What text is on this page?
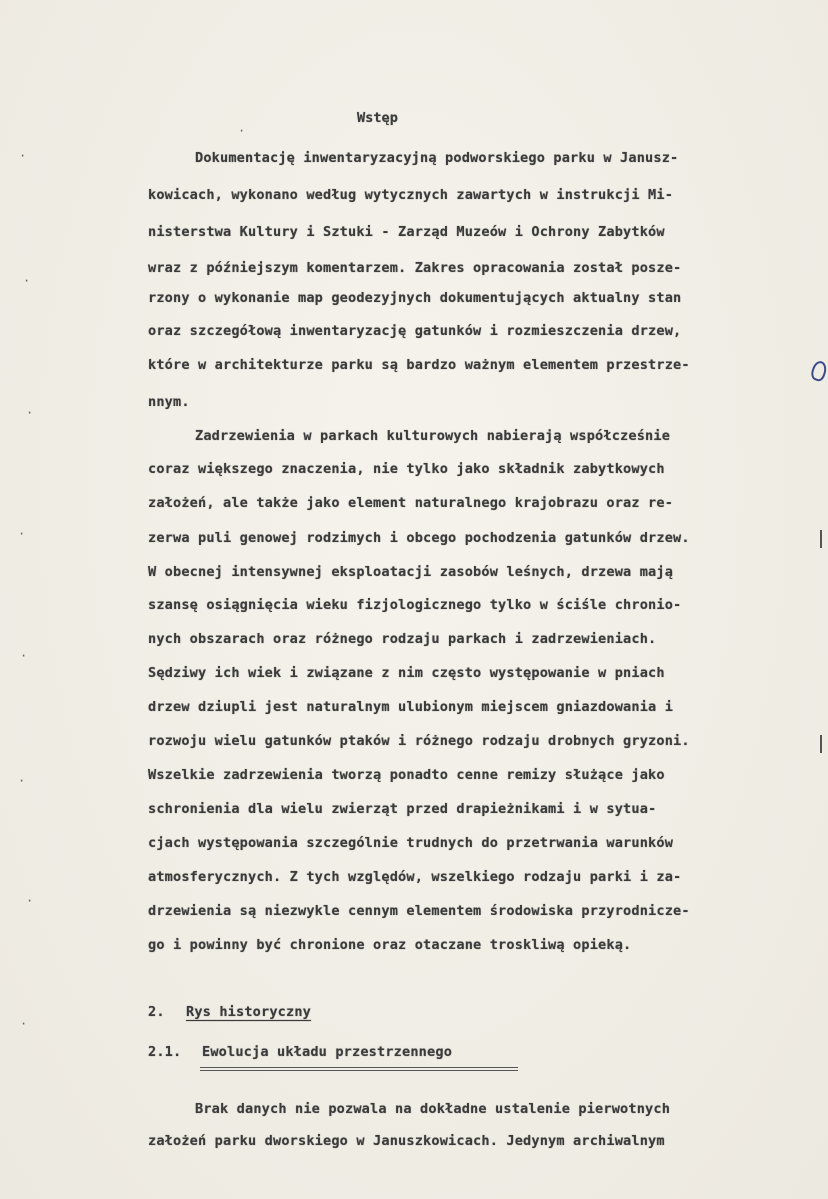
·
·
·
·
·
·
·
·
·
Wstęp
Dokumentację inwentaryzacyjną podworskiego parku w Janusz-
kowicach, wykonano według wytycznych zawartych w instrukcji Mi-
nisterstwa Kultury i Sztuki - Zarząd Muzeów i Ochrony Zabytków
wraz z późniejszym komentarzem. Zakres opracowania został posze-
rzony o wykonanie map geodezyjnych dokumentujących aktualny stan
oraz szczegółową inwentaryzację gatunków i rozmieszczenia drzew,
które w architekturze parku są bardzo ważnym elementem przestrze-
nnym.
Zadrzewienia w parkach kulturowych nabierają współcześnie
coraz większego znaczenia, nie tylko jako składnik zabytkowych
założeń, ale także jako element naturalnego krajobrazu oraz re-
zerwa puli genowej rodzimych i obcego pochodzenia gatunków drzew.
W obecnej intensywnej eksploatacji zasobów leśnych, drzewa mają
szansę osiągnięcia wieku fizjologicznego tylko w ściśle chronio-
nych obszarach oraz różnego rodzaju parkach i zadrzewieniach.
Sędziwy ich wiek i związane z nim często występowanie w pniach
drzew dziupli jest naturalnym ulubionym miejscem gniazdowania i
rozwoju wielu gatunków ptaków i różnego rodzaju drobnych gryzoni.
Wszelkie zadrzewienia tworzą ponadto cenne remizy służące jako
schronienia dla wielu zwierząt przed drapieżnikami i w sytua-
cjach występowania szczególnie trudnych do przetrwania warunków
atmosferycznych. Z tych względów, wszelkiego rodzaju parki i za-
drzewienia są niezwykle cennym elementem środowiska przyrodnicze-
go i powinny być chronione oraz otaczane troskliwą opieką.
2. Rys historyczny
2.1. Ewolucja układu przestrzennego
Brak danych nie pozwala na dokładne ustalenie pierwotnych
założeń parku dworskiego w Januszkowicach. Jedynym archiwalnym
